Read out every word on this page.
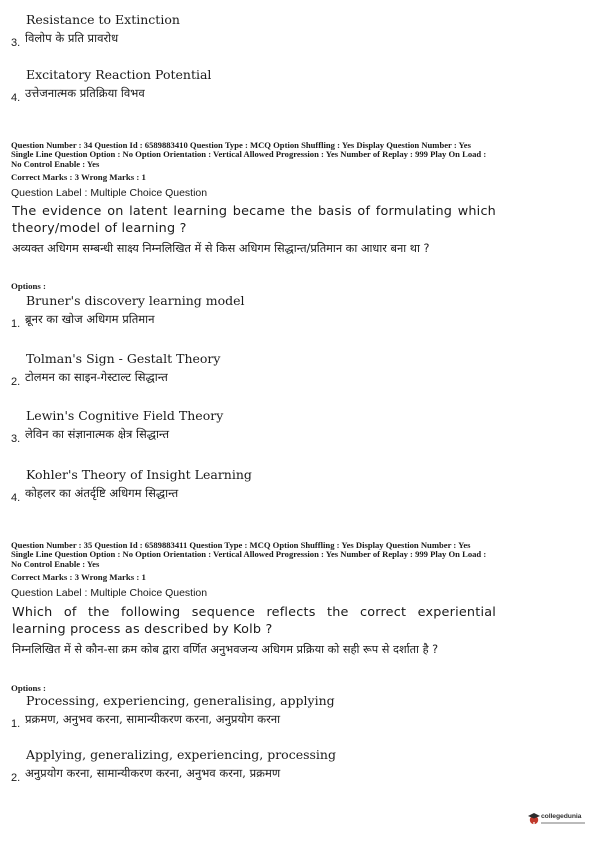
Resistance to Extinction
विलोप के प्रति प्रावरोध
3.
Excitatory Reaction Potential
उत्तेजनात्मक प्रतिक्रिया विभव
4.
Question Number : 34 Question Id : 6589883410 Question Type : MCQ Option Shuffling : Yes Display Question Number : Yes
Single Line Question Option : No Option Orientation : Vertical Allowed Progression : Yes Number of Replay : 999 Play On Load :
No Control Enable : Yes
Correct Marks : 3 Wrong Marks : 1
Question Label : Multiple Choice Question
The evidence on latent learning became the basis of formulating which theory/model of learning ?
अव्यक्त अधिगम सम्बन्धी साक्ष्य निम्नलिखित में से किस अधिगम सिद्धान्त/प्रतिमान का आधार बना था ?
Options :
Bruner's discovery learning model
ब्रूनर का खोज अधिगम प्रतिमान
1.
Tolman's Sign - Gestalt Theory
टोलमन का साइन-गेस्टाल्ट सिद्धान्त
2.
Lewin's Cognitive Field Theory
लेविन का संज्ञानात्मक क्षेत्र सिद्धान्त
3.
Kohler's Theory of Insight Learning
कोहलर का अंतर्दृष्टि अधिगम सिद्धान्त
4.
Question Number : 35 Question Id : 6589883411 Question Type : MCQ Option Shuffling : Yes Display Question Number : Yes
Single Line Question Option : No Option Orientation : Vertical Allowed Progression : Yes Number of Replay : 999 Play On Load :
No Control Enable : Yes
Correct Marks : 3 Wrong Marks : 1
Question Label : Multiple Choice Question
Which of the following sequence reflects the correct experiential learning process as described by Kolb ?
निम्नलिखित में से कौन-सा क्रम कोब द्वारा वर्णित अनुभवजन्य अधिगम प्रक्रिया को सही रूप से दर्शाता है ?
Options :
Processing, experiencing, generalising, applying
प्रक्रमण, अनुभव करना, सामान्यीकरण करना, अनुप्रयोग करना
1.
Applying, generalizing, experiencing, processing
अनुप्रयोग करना, सामान्यीकरण करना, अनुभव करना, प्रक्रमण
2.
collegedunia
